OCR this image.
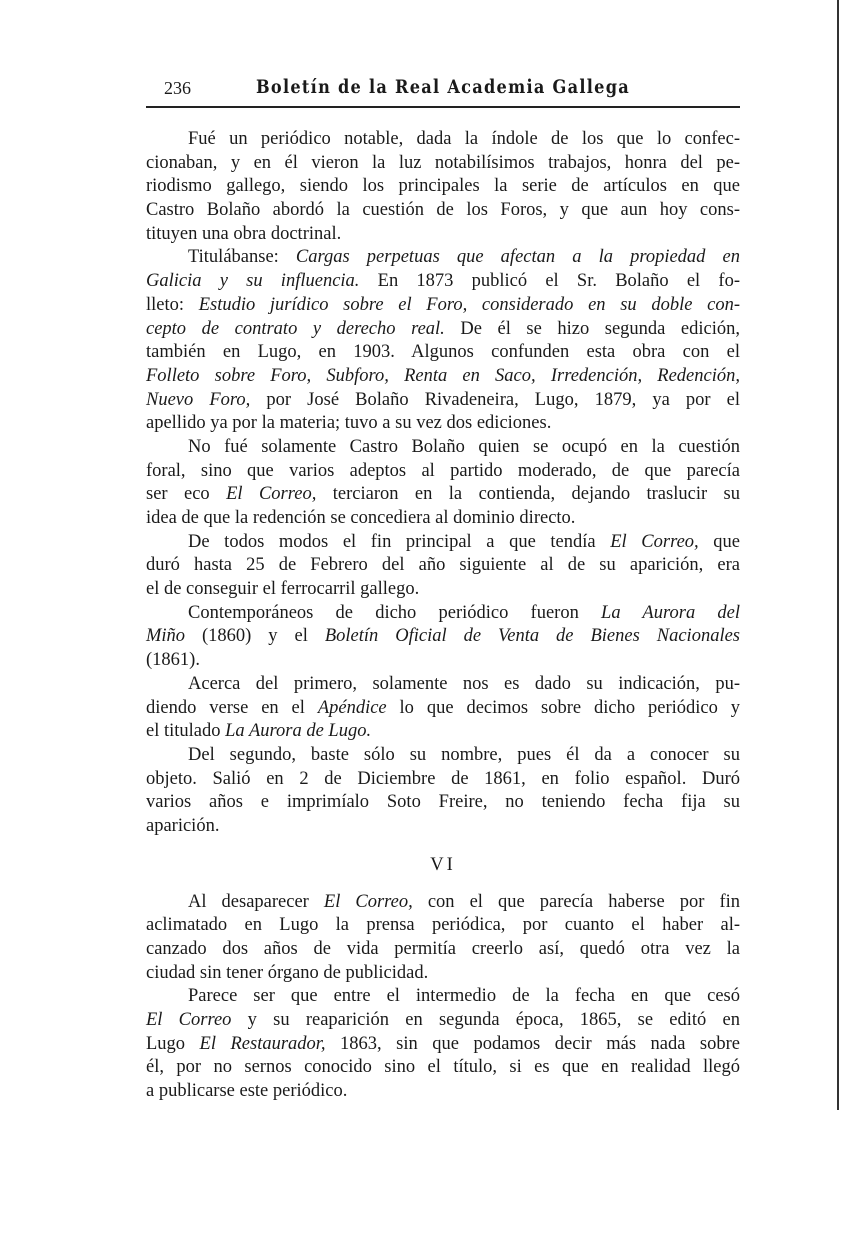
236	Boletín de la Real Academia Gallega
Fué un periódico notable, dada la índole de los que lo confec-
cionaban, y en él vieron la luz notabilísimos trabajos, honra del pe-
riodismo gallego, siendo los principales la serie de artículos en que
Castro Bolaño abordó la cuestión de los Foros, y que aun hoy cons-
tituyen una obra doctrinal.
Titulábanse: Cargas perpetuas que afectan a la propiedad en
Galicia y su influencia. En 1873 publicó el Sr. Bolaño el fo-
lleto: Estudio jurídico sobre el Foro, considerado en su doble con-
cepto de contrato y derecho real. De él se hizo segunda edición,
también en Lugo, en 1903. Algunos confunden esta obra con el
Folleto sobre Foro, Subforo, Renta en Saco, Irredención, Redención,
Nuevo Foro, por José Bolaño Rivadeneira, Lugo, 1879, ya por el
apellido ya por la materia; tuvo a su vez dos ediciones.
No fué solamente Castro Bolaño quien se ocupó en la cuestión
foral, sino que varios adeptos al partido moderado, de que parecía
ser eco El Correo, terciaron en la contienda, dejando traslucir su
idea de que la redención se concediera al dominio directo.
De todos modos el fin principal a que tendía El Correo, que
duró hasta 25 de Febrero del año siguiente al de su aparición, era
el de conseguir el ferrocarril gallego.
Contemporáneos de dicho periódico fueron La Aurora del
Miño (1860) y el Boletín Oficial de Venta de Bienes Nacionales
(1861).
Acerca del primero, solamente nos es dado su indicación, pu-
diendo verse en el Apéndice lo que decimos sobre dicho periódico y
el titulado La Aurora de Lugo.
Del segundo, baste sólo su nombre, pues él da a conocer su
objeto. Salió en 2 de Diciembre de 1861, en folio español. Duró
varios años e imprimíalo Soto Freire, no teniendo fecha fija su
aparición.
VI
Al desaparecer El Correo, con el que parecía haberse por fin
aclimatado en Lugo la prensa periódica, por cuanto el haber al-
canzado dos años de vida permitía creerlo así, quedó otra vez la
ciudad sin tener órgano de publicidad.
Parece ser que entre el intermedio de la fecha en que cesó
El Correo y su reaparición en segunda época, 1865, se editó en
Lugo El Restaurador, 1863, sin que podamos decir más nada sobre
él, por no sernos conocido sino el título, si es que en realidad llegó
a publicarse este periódico.
